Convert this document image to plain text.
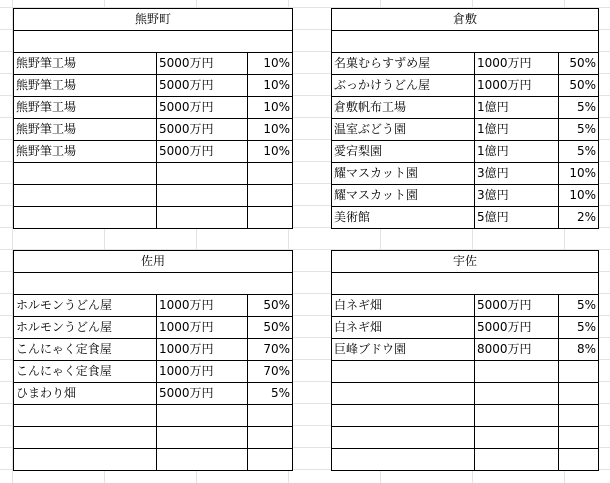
熊野町		

熊野筆工場	5000万円	10%
熊野筆工場	5000万円	10%
熊野筆工場	5000万円	10%
熊野筆工場	5000万円	10%
熊野筆工場	5000万円	10%

倉敷		

名菓むらすずめ屋	1000万円	50%
ぶっかけうどん屋	1000万円	50%
倉敷帆布工場	1億円	5%
温室ぶどう園	1億円	5%
愛宕梨園	1億円	5%
耀マスカット園	3億円	10%
耀マスカット園	3億円	10%
美術館	5億円	2%
佐用		

ホルモンうどん屋	1000万円	50%
ホルモンうどん屋	1000万円	50%
こんにゃく定食屋	1000万円	70%
こんにゃく定食屋	1000万円	70%
ひまわり畑	5000万円	5%

宇佐		

白ネギ畑	5000万円	5%
白ネギ畑	5000万円	5%
巨峰ブドウ園	8000万円	8%
